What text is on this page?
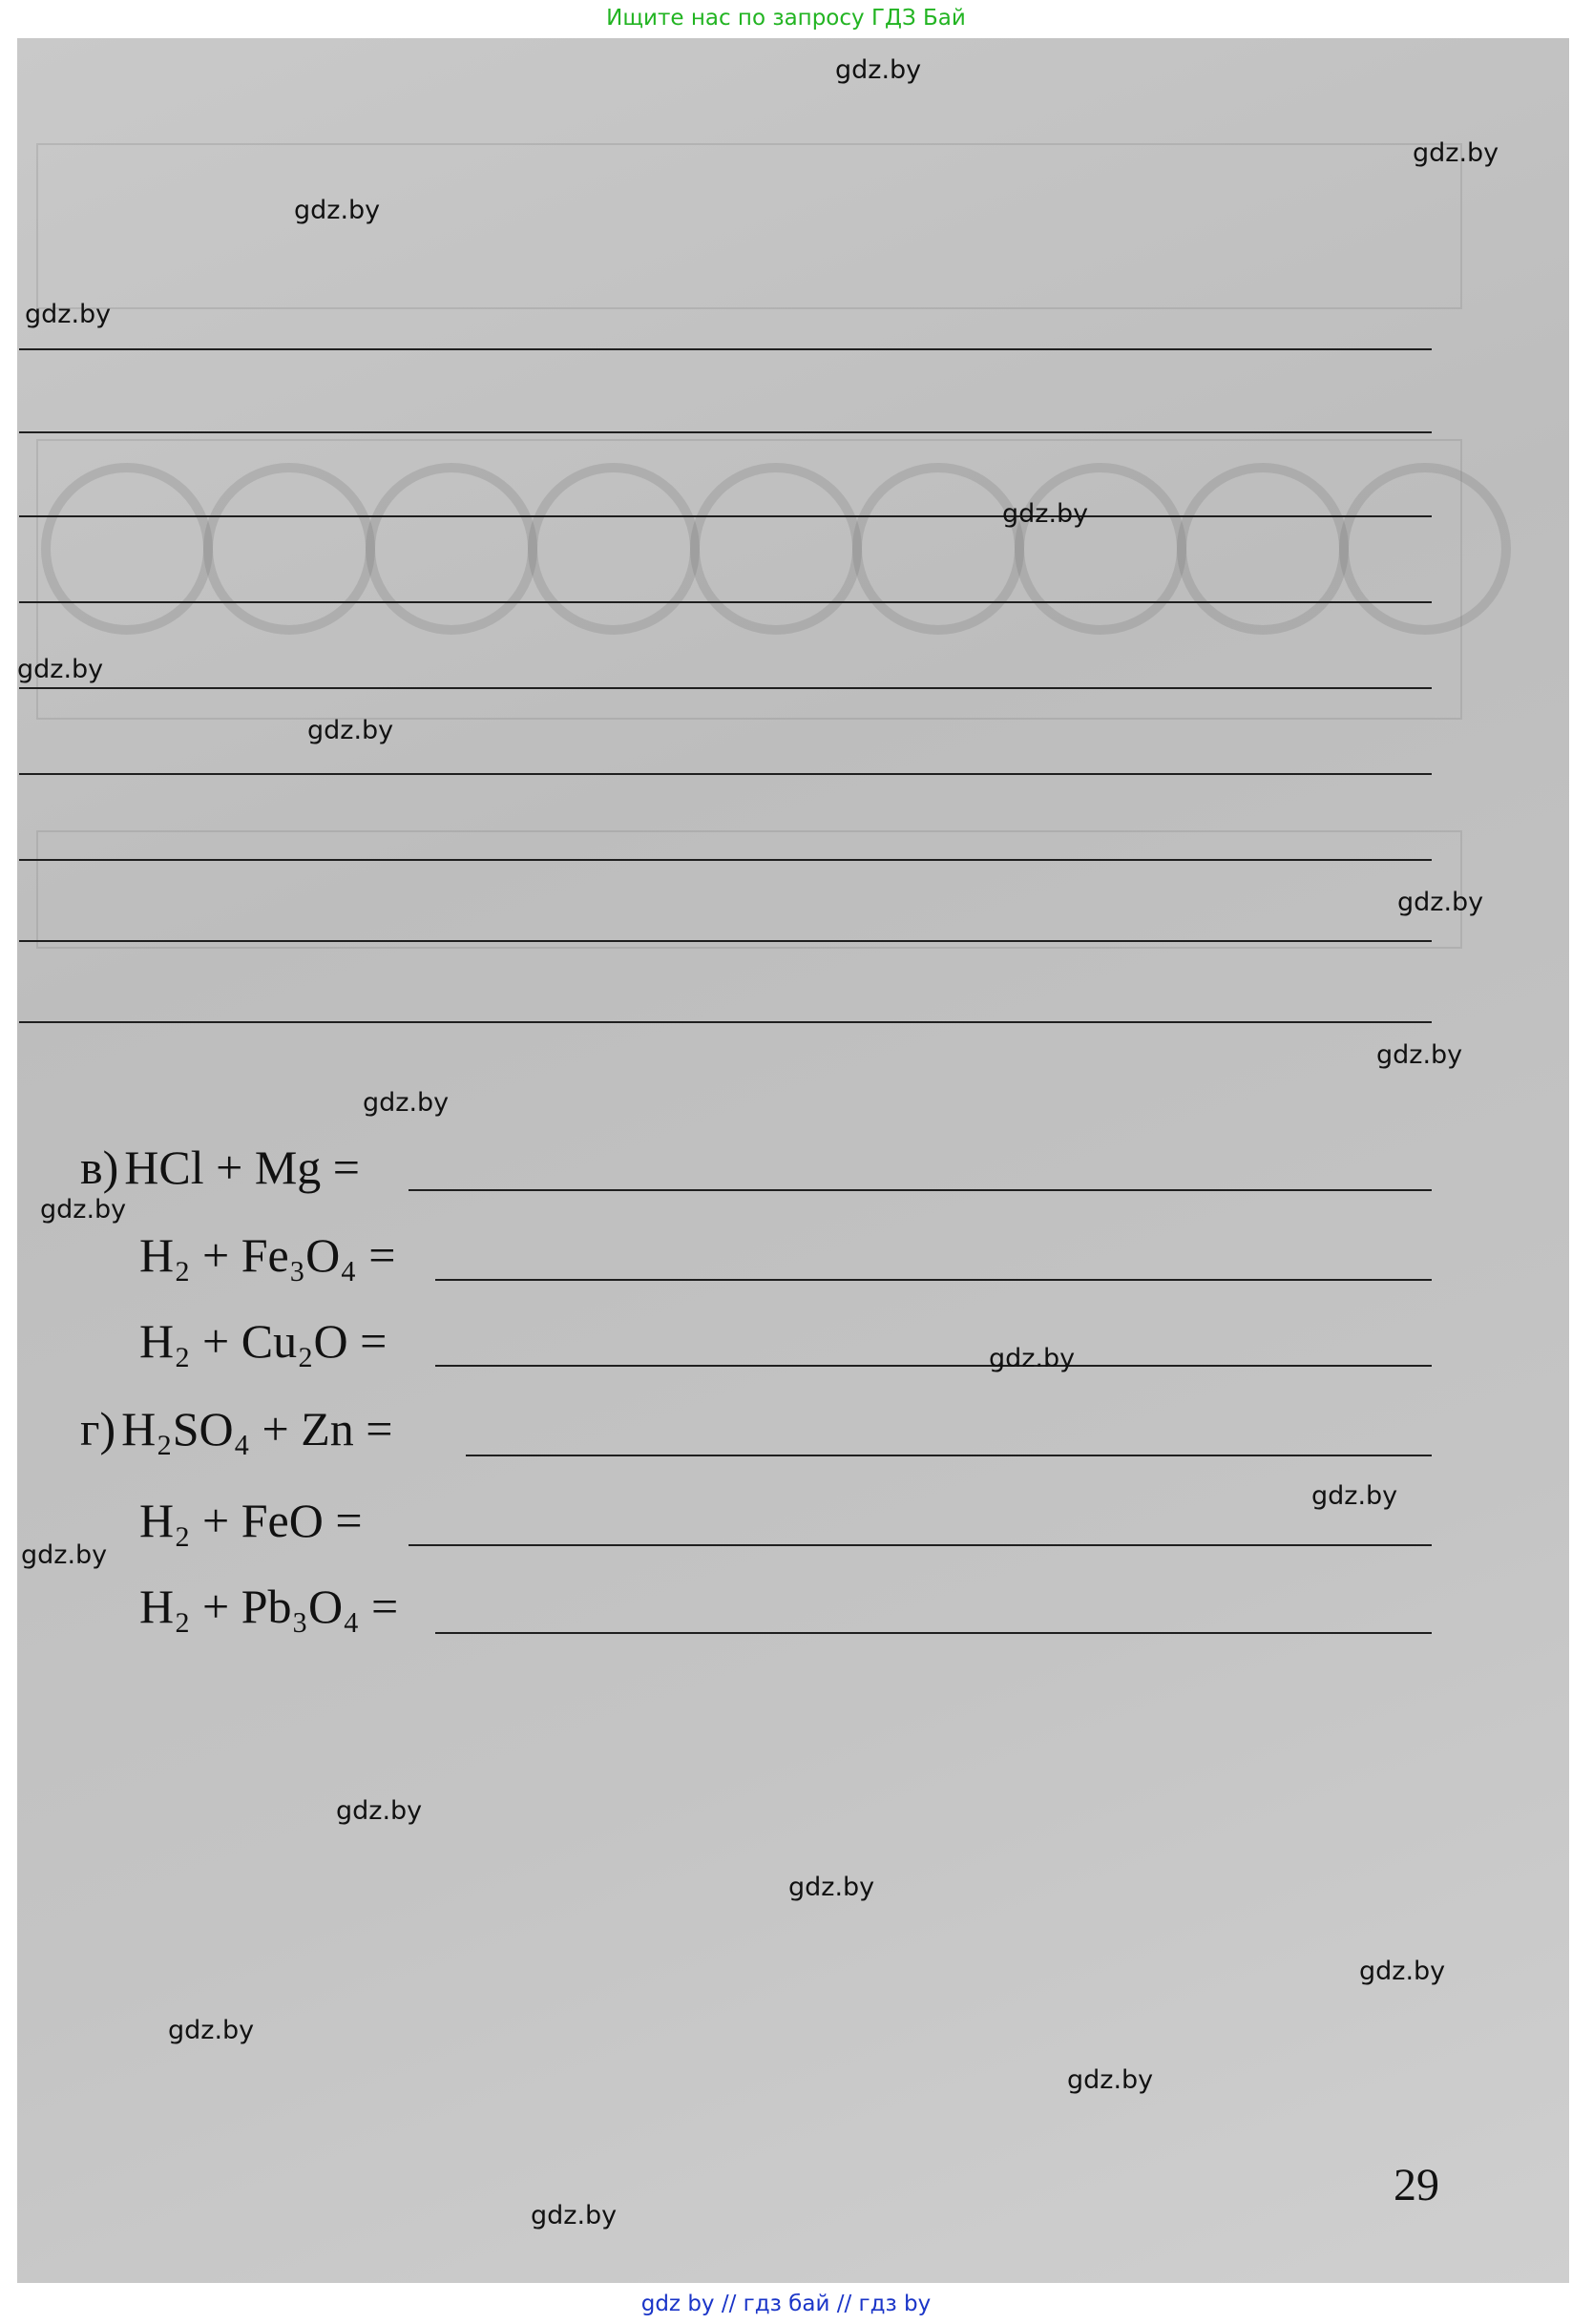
Ищите нас по запросу ГДЗ Бай
в) HCl + Mg =
H₂ + Fe₃O₄ =
H₂ + Cu₂O =
г) H₂SO₄ + Zn =
H₂ + FeO =
H₂ + Pb₃O₄ =
29
gdz.by
gdz.by
gdz.by
gdz.by
gdz.by
gdz.by
gdz.by
gdz.by
gdz.by
gdz.by
gdz.by
gdz.by
gdz.by
gdz.by
gdz.by
gdz.by
gdz.by
gdz.by
gdz.by
gdz.by
gdz by // гдз бай // гдз by
